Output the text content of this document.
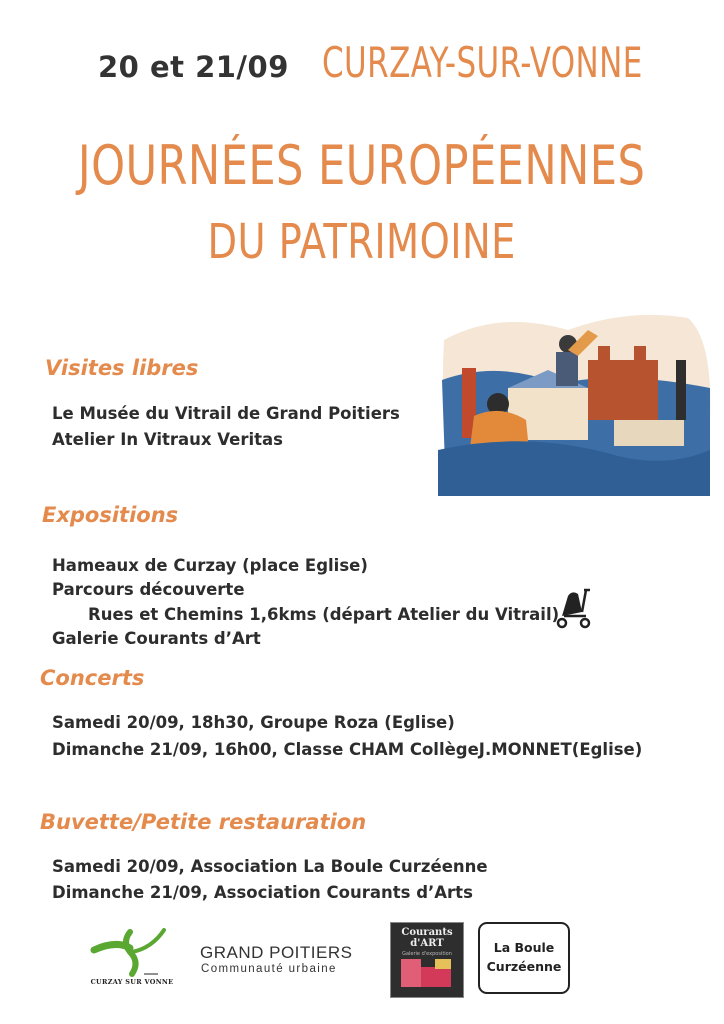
20 et 21/09 CURZAY-SUR-VONNE
JOURNÉES EUROPÉENNES
DU PATRIMOINE
Visites libres
Le Musée du Vitrail de Grand Poitiers
Atelier In Vitraux Veritas
Expositions
Hameaux de Curzay (place Eglise)
Parcours découverte
Rues et Chemins 1,6kms (départ Atelier du Vitrail)
Galerie Courants d’Art
Concerts
Samedi 20/09, 18h30, Groupe Roza (Eglise)
Dimanche 21/09, 16h00, Classe CHAM CollègeJ.MONNET(Eglise)
Buvette/Petite restauration
Samedi 20/09, Association La Boule Curzéenne
Dimanche 21/09, Association Courants d’Arts
CURZAY SUR VONNE
GRAND POITIERS
Communauté urbaine
Courants
d'ART
Galerie d'exposition	La Boule
Curzéenne
